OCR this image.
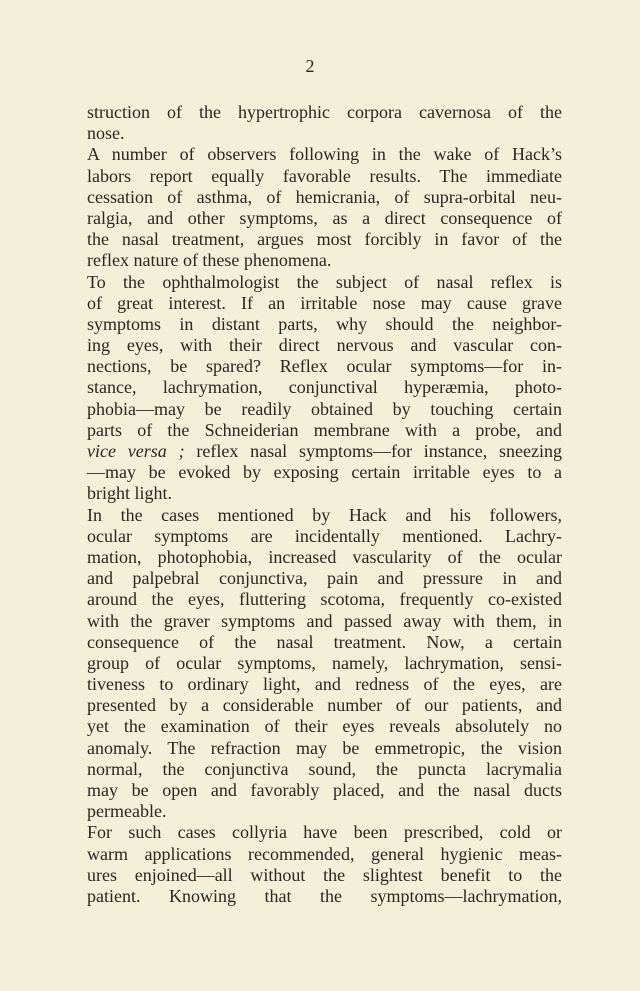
2
struction of the hypertrophic corpora cavernosa of the
nose.
A number of observers following in the wake of Hack’s
labors report equally favorable results. The immediate
cessation of asthma, of hemicrania, of supra-orbital neu-
ralgia, and other symptoms, as a direct consequence of
the nasal treatment, argues most forcibly in favor of the
reflex nature of these phenomena.
To the ophthalmologist the subject of nasal reflex is
of great interest. If an irritable nose may cause grave
symptoms in distant parts, why should the neighbor-
ing eyes, with their direct nervous and vascular con-
nections, be spared? Reflex ocular symptoms—for in-
stance, lachrymation, conjunctival hyperæmia, photo-
phobia—may be readily obtained by touching certain
parts of the Schneiderian membrane with a probe, and
vice versa ; reflex nasal symptoms—for instance, sneezing
—may be evoked by exposing certain irritable eyes to a
bright light.
In the cases mentioned by Hack and his followers,
ocular symptoms are incidentally mentioned. Lachry-
mation, photophobia, increased vascularity of the ocular
and palpebral conjunctiva, pain and pressure in and
around the eyes, fluttering scotoma, frequently co-existed
with the graver symptoms and passed away with them, in
consequence of the nasal treatment. Now, a certain
group of ocular symptoms, namely, lachrymation, sensi-
tiveness to ordinary light, and redness of the eyes, are
presented by a considerable number of our patients, and
yet the examination of their eyes reveals absolutely no
anomaly. The refraction may be emmetropic, the vision
normal, the conjunctiva sound, the puncta lacrymalia
may be open and favorably placed, and the nasal ducts
permeable.
For such cases collyria have been prescribed, cold or
warm applications recommended, general hygienic meas-
ures enjoined—all without the slightest benefit to the
patient. Knowing that the symptoms—lachrymation,
